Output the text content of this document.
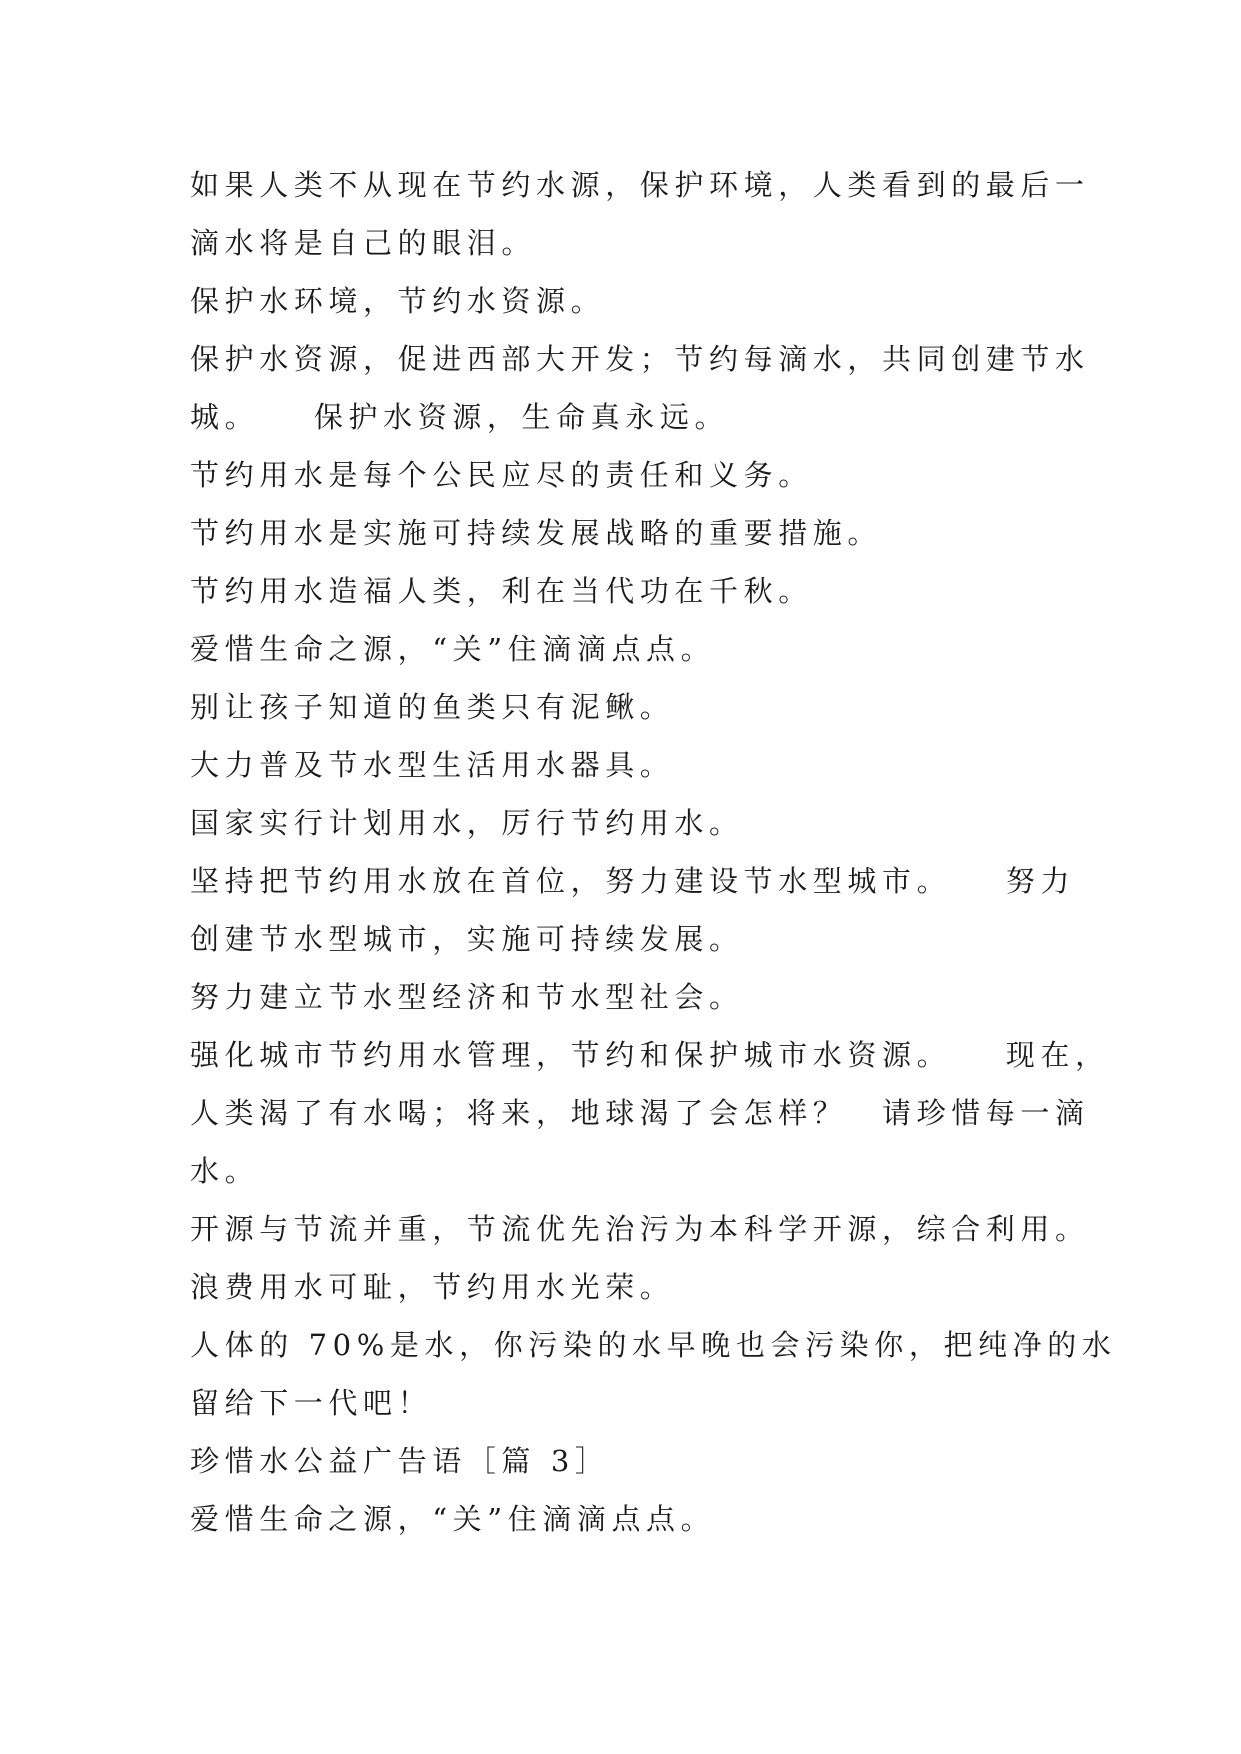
如果人类不从现在节约水源，保护环境，人类看到的最后一
滴水将是自己的眼泪。
保护水环境，节约水资源。
保护水资源，促进西部大开发；节约每滴水，共同创建节水
城。　　保护水资源，生命真永远。
节约用水是每个公民应尽的责任和义务。
节约用水是实施可持续发展战略的重要措施。
节约用水造福人类，利在当代功在千秋。
爱惜生命之源，“关”住滴滴点点。
别让孩子知道的鱼类只有泥鳅。
大力普及节水型生活用水器具。
国家实行计划用水，厉行节约用水。
坚持把节约用水放在首位，努力建设节水型城市。　　努力
创建节水型城市，实施可持续发展。
努力建立节水型经济和节水型社会。
强化城市节约用水管理，节约和保护城市水资源。　　现在，
人类渴了有水喝；将来，地球渴了会怎样？　请珍惜每一滴
水。
开源与节流并重，节流优先治污为本科学开源，综合利用。
浪费用水可耻，节约用水光荣。
人体的 70%是水，你污染的水早晚也会污染你，把纯净的水
留给下一代吧！
珍惜水公益广告语［篇 3］
爱惜生命之源，“关”住滴滴点点。
